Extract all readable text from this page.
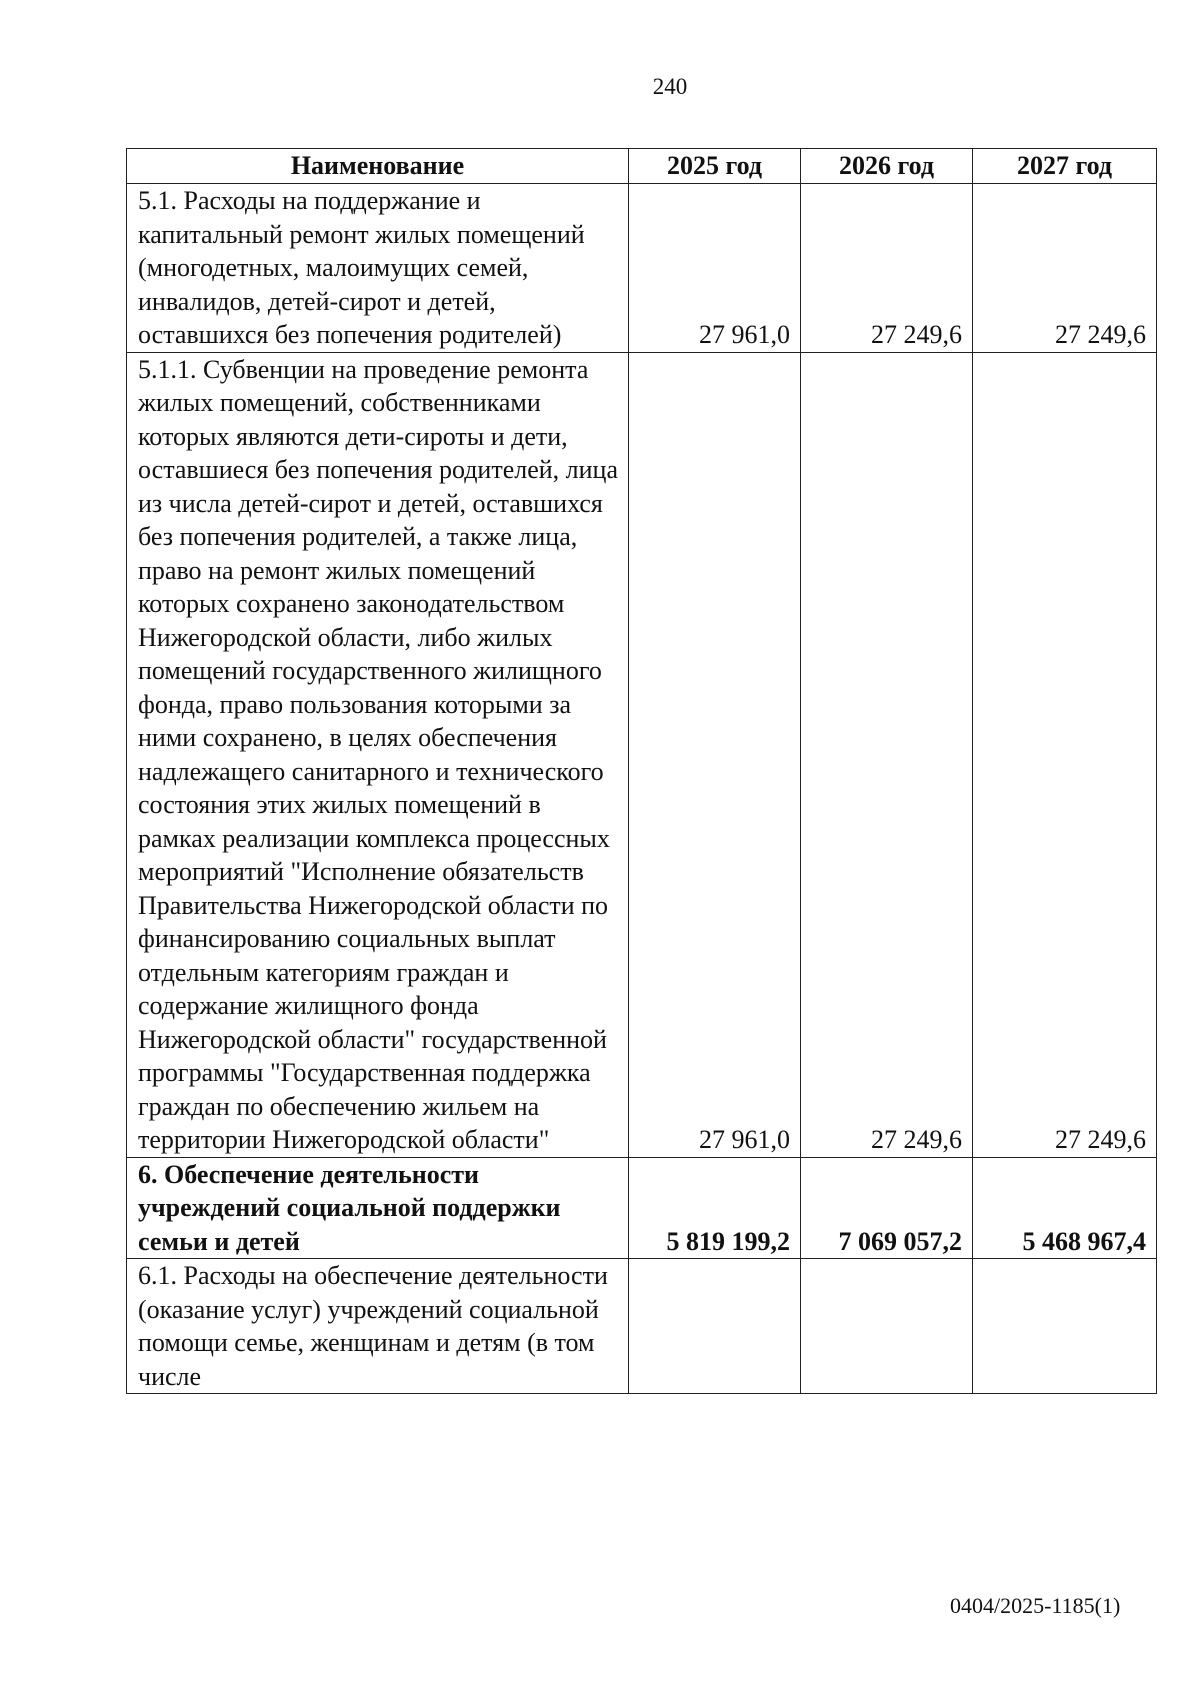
240
Наименование	2025 год	2026 год	2027 год
5.1. Расходы на поддержание и капитальный ремонт жилых помещений (многодетных, малоимущих семей, инвалидов, детей-сирот и детей, оставшихся без попечения родителей)	27 961,0	27 249,6	27 249,6
5.1.1. Субвенции на проведение ремонта жилых помещений, собственниками которых являются дети-сироты и дети, оставшиеся без попечения родителей, лица из числа детей-сирот и детей, оставшихся без попечения родителей, а также лица, право на ремонт жилых помещений которых сохранено законодательством Нижегородской области, либо жилых помещений государственного жилищного фонда, право пользования которыми за ними сохранено, в целях обеспечения надлежащего санитарного и технического состояния этих жилых помещений в рамках реализации комплекса процессных мероприятий "Исполнение обязательств Правительства Нижегородской области по финансированию социальных выплат отдельным категориям граждан и содержание жилищного фонда Нижегородской области" государственной программы "Государственная поддержка граждан по обеспечению жильем на территории Нижегородской области"	27 961,0	27 249,6	27 249,6
6. Обеспечение деятельности учреждений социальной поддержки семьи и детей	5 819 199,2	7 069 057,2	5 468 967,4
6.1. Расходы на обеспечение деятельности (оказание услуг) учреждений социальной помощи семье, женщинам и детям (в том числе			
0404/2025-1185(1)
